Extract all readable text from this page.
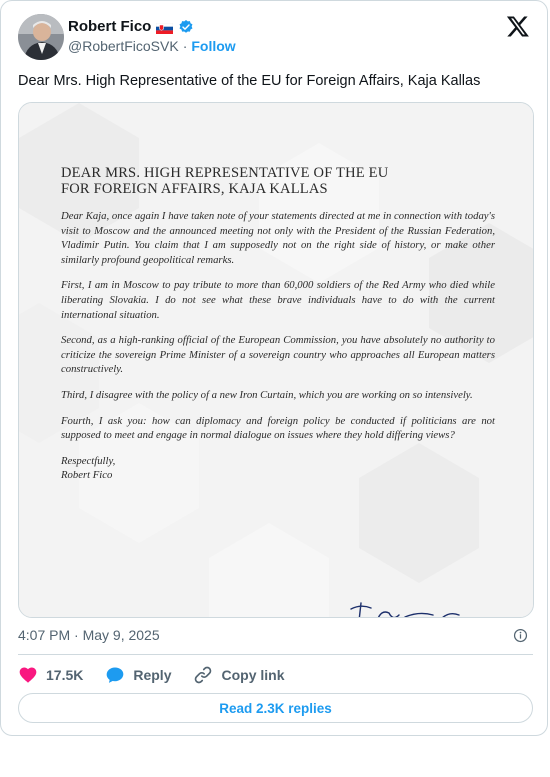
Robert Fico
@RobertFicoSVK · Follow
Dear Mrs. High Representative of the EU for Foreign Affairs, Kaja Kallas
DEAR MRS. HIGH REPRESENTATIVE OF THE EU
FOR FOREIGN AFFAIRS, KAJA KALLAS

Dear Kaja, once again I have taken note of your statements directed at me in connection with today's visit to Moscow and the announced meeting not only with the President of the Russian Federation, Vladimir Putin. You claim that I am supposedly not on the right side of history, or make other similarly profound geopolitical remarks.

First, I am in Moscow to pay tribute to more than 60,000 soldiers of the Red Army who died while liberating Slovakia. I do not see what these brave individuals have to do with the current international situation.

Second, as a high-ranking official of the European Commission, you have absolutely no authority to criticize the sovereign Prime Minister of a sovereign country who approaches all European matters constructively.

Third, I disagree with the policy of a new Iron Curtain, which you are working on so intensively.

Fourth, I ask you: how can diplomacy and foreign policy be conducted if politicians are not supposed to meet and engage in normal dialogue on issues where they hold differing views?

Respectfully,
Robert Fico
4:07 PM · May 9, 2025
17.5K	Reply	Copy link
Read 2.3K replies
